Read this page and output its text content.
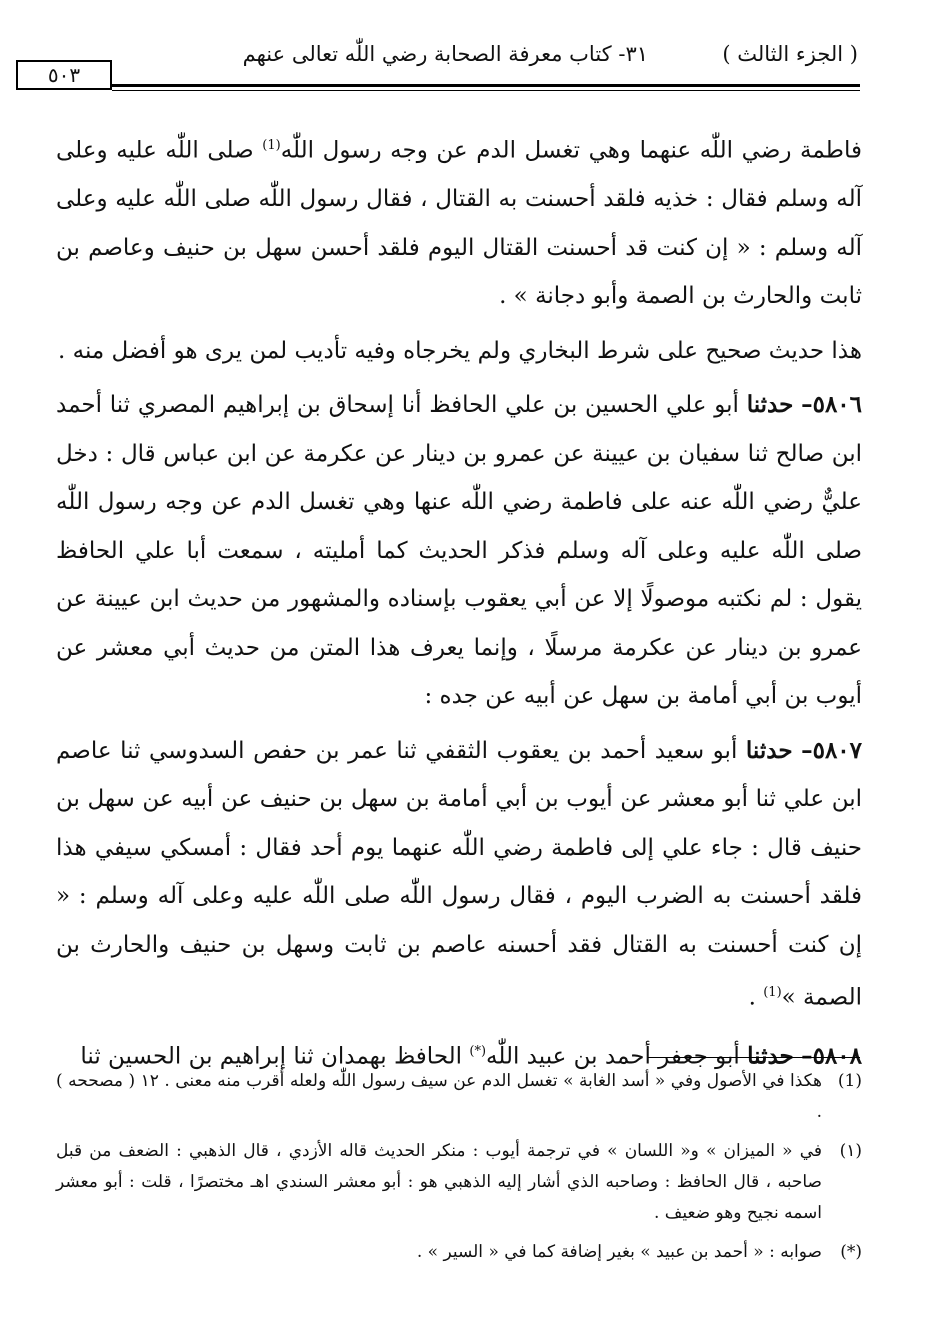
( الجزء الثالث )
٣١- كتاب معرفة الصحابة رضي اللّٰه تعالى عنهم
٥٠٣

فاطمة رضي اللّٰه عنهما وهي تغسل الدم عن وجه رسول اللّٰه$^{(1)}$ صلى اللّٰه عليه وعلى آله وسلم فقال : خذيه فلقد أحسنت به القتال ، فقال رسول اللّٰه صلى اللّٰه عليه وعلى آله وسلم : « إن كنت قد أحسنت القتال اليوم فلقد أحسن سهل بن حنيف وعاصم بن ثابت والحارث بن الصمة وأبو دجانة » .

هذا حديث صحيح على شرط البخاري ولم يخرجاه وفيه تأديب لمن يرى هو أفضل منه .

٥٨٠٦– حدثنا أبو علي الحسين بن علي الحافظ أنا إسحاق بن إبراهيم المصري ثنا أحمد ابن صالح ثنا سفيان بن عيينة عن عمرو بن دينار عن عكرمة عن ابن عباس قال : دخل عليٌّ رضي اللّٰه عنه على فاطمة رضي اللّٰه عنها وهي تغسل الدم عن وجه رسول اللّٰه صلى اللّٰه عليه وعلى آله وسلم فذكر الحديث كما أمليته ، سمعت أبا علي الحافظ يقول : لم نكتبه موصولًا إلا عن أبي يعقوب بإسناده والمشهور من حديث ابن عيينة عن عمرو بن دينار عن عكرمة مرسلًا ، وإنما يعرف هذا المتن من حديث أبي معشر عن أيوب بن أبي أمامة بن سهل عن أبيه عن جده :

٥٨٠٧– حدثنا أبو سعيد أحمد بن يعقوب الثقفي ثنا عمر بن حفص السدوسي ثنا عاصم ابن علي ثنا أبو معشر عن أيوب بن أبي أمامة بن سهل بن حنيف عن أبيه عن سهل بن حنيف قال : جاء علي إلى فاطمة رضي اللّٰه عنهما يوم أحد فقال : أمسكي سيفي هذا فلقد أحسنت به الضرب اليوم ، فقال رسول اللّٰه صلى اللّٰه عليه وعلى آله وسلم : « إن كنت أحسنت به القتال فقد أحسنه عاصم بن ثابت وسهل بن حنيف والحارث بن الصمة »$^{(1)}$ .

٥٨٠٨– حدثنا أبو جعفر أحمد بن عبيد اللّٰه(*) الحافظ بهمدان ثنا إبراهيم بن الحسين ثنا

(1)
هكذا في الأصول وفي « أسد الغابة » تغسل الدم عن سيف رسول اللّٰه ولعله أقرب منه معنى . ١٢ ( مصححه ) .
(١)
في « الميزان » و« اللسان » في ترجمة أيوب : منكر الحديث قاله الأزدي ، قال الذهبي : الضعف من قبل صاحبه ، قال الحافظ : وصاحبه الذي أشار إليه الذهبي هو : أبو معشر السندي اهـ مختصرًا ، قلت : أبو معشر اسمه نجيح وهو ضعيف .
(*)
صوابه : « أحمد بن عبيد » بغير إضافة كما في « السير » .
